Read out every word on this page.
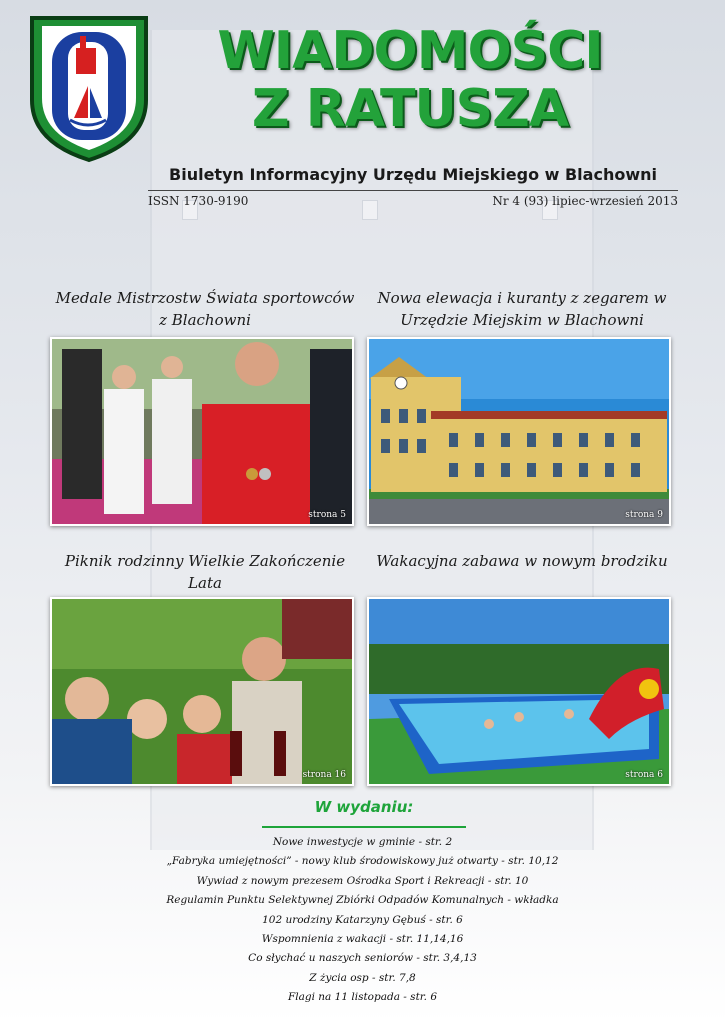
WIADOMOŚCI
Z RATUSZA
Biuletyn Informacyjny Urzędu Miejskiego w Blachowni
ISSN 1730-9190	Nr 4 (93) lipiec-wrzesień 2013
Medale Mistrzostw Świata sportowców z Blachowni
strona 5
Nowa elewacja i kuranty z zegarem w Urzędzie Miejskim w Blachowni
strona 9
Piknik rodzinny Wielkie Zakończenie Lata
strona 16
Wakacyjna zabawa w nowym brodziku
strona 6
W wydaniu:
Nowe inwestycje w gminie - str. 2
„Fabryka umiejętności” - nowy klub środowiskowy już otwarty - str. 10,12
Wywiad z nowym prezesem Ośrodka Sport i Rekreacji - str. 10
Regulamin Punktu Selektywnej Zbiórki Odpadów Komunalnych - wkładka
102 urodziny Katarzyny Gębuś - str. 6
Wspomnienia z wakacji - str. 11,14,16
Co słychać u naszych seniorów - str. 3,4,13
Z życia osp - str. 7,8
Flagi na 11 listopada - str. 6
